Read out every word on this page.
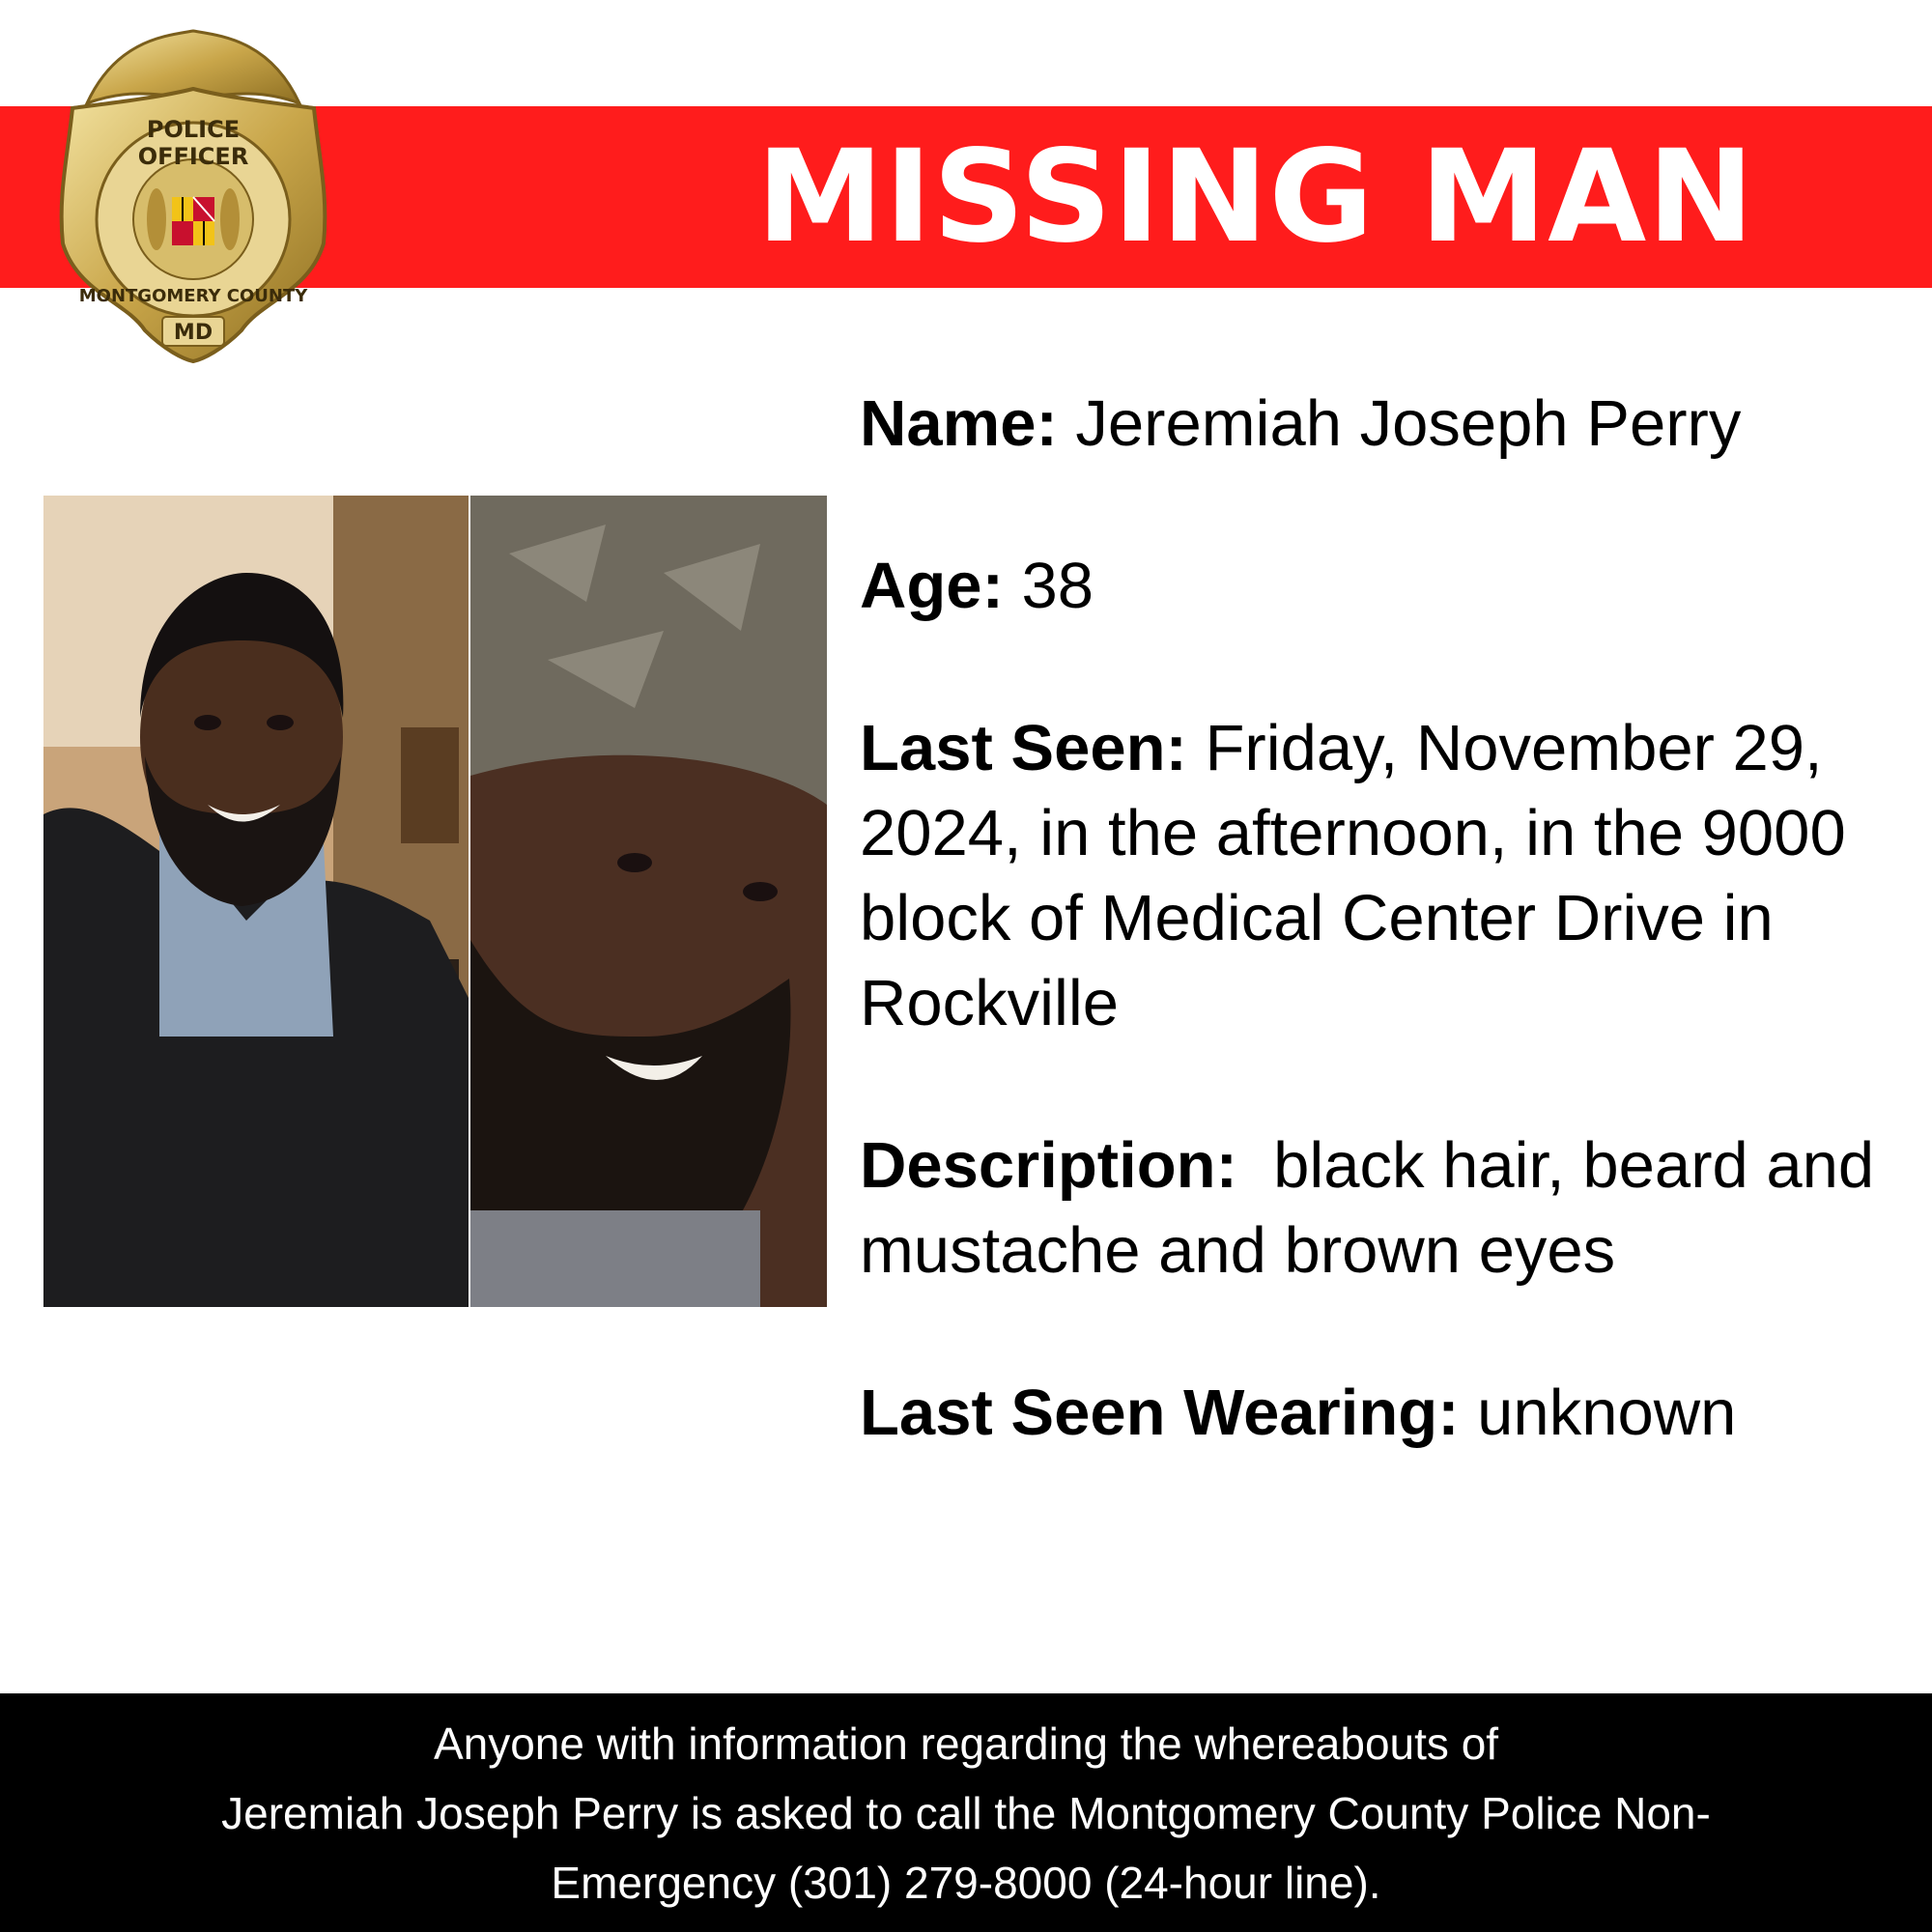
MISSING MAN
POLICE
OFFICER
MONTGOMERY COUNTY
MD
Name: Jeremiah Joseph Perry
Age: 38
Last Seen: Friday, November 29, 2024, in the afternoon, in the 9000 block of Medical Center Drive in Rockville
Description: black hair, beard and mustache and brown eyes
Last Seen Wearing: unknown
Anyone with information regarding the whereabouts of
Jeremiah Joseph Perry is asked to call the Montgomery County Police Non-
Emergency (301) 279-8000 (24-hour line).
